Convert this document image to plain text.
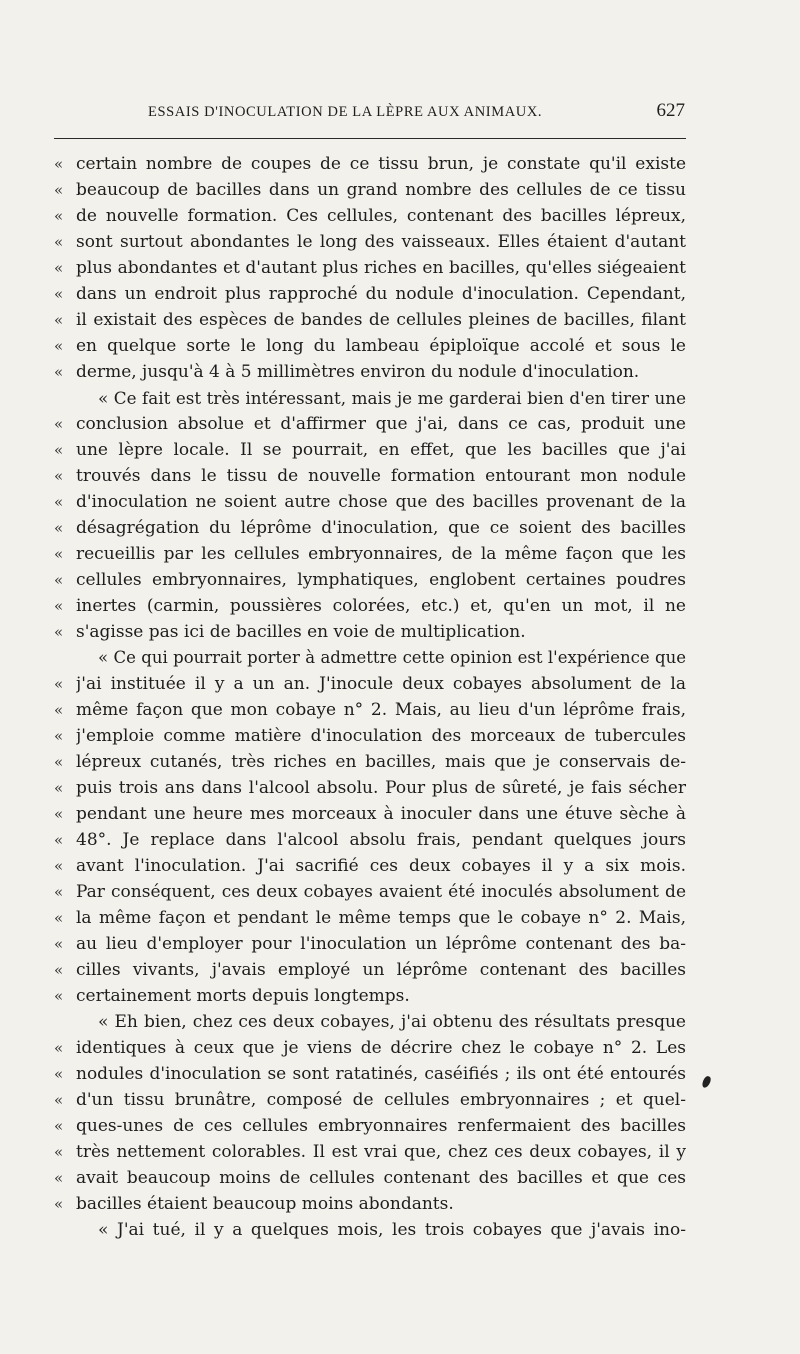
ESSAIS D'INOCULATION DE LA LÈPRE AUX ANIMAUX.	627
« certain nombre de coupes de ce tissu brun, je constate qu'il existe
« beaucoup de bacilles dans un grand nombre des cellules de ce tissu
« de nouvelle formation. Ces cellules, contenant des bacilles lépreux,
« sont surtout abondantes le long des vaisseaux. Elles étaient d'autant
« plus abondantes et d'autant plus riches en bacilles, qu'elles siégeaient
« dans un endroit plus rapproché du nodule d'inoculation. Cependant,
« il existait des espèces de bandes de cellules pleines de bacilles, filant
« en quelque sorte le long du lambeau épiploïque accolé et sous le
« derme, jusqu'à 4 à 5 millimètres environ du nodule d'inoculation.
« Ce fait est très intéressant, mais je me garderai bien d'en tirer une
« conclusion absolue et d'affirmer que j'ai, dans ce cas, produit une
« une lèpre locale. Il se pourrait, en effet, que les bacilles que j'ai
« trouvés dans le tissu de nouvelle formation entourant mon nodule
« d'inoculation ne soient autre chose que des bacilles provenant de la
« désagrégation du léprôme d'inoculation, que ce soient des bacilles
« recueillis par les cellules embryonnaires, de la même façon que les
« cellules embryonnaires, lymphatiques, englobent certaines poudres
« inertes (carmin, poussières colorées, etc.) et, qu'en un mot, il ne
« s'agisse pas ici de bacilles en voie de multiplication.
« Ce qui pourrait porter à admettre cette opinion est l'expérience que
« j'ai instituée il y a un an. J'inocule deux cobayes absolument de la
« même façon que mon cobaye n° 2. Mais, au lieu d'un léprôme frais,
« j'emploie comme matière d'inoculation des morceaux de tubercules
« lépreux cutanés, très riches en bacilles, mais que je conservais de-
« puis trois ans dans l'alcool absolu. Pour plus de sûreté, je fais sécher
« pendant une heure mes morceaux à inoculer dans une étuve sèche à
« 48°. Je replace dans l'alcool absolu frais, pendant quelques jours
« avant l'inoculation. J'ai sacrifié ces deux cobayes il y a six mois.
« Par conséquent, ces deux cobayes avaient été inoculés absolument de
« la même façon et pendant le même temps que le cobaye n° 2. Mais,
« au lieu d'employer pour l'inoculation un léprôme contenant des ba-
« cilles vivants, j'avais employé un léprôme contenant des bacilles
« certainement morts depuis longtemps.
« Eh bien, chez ces deux cobayes, j'ai obtenu des résultats presque
« identiques à ceux que je viens de décrire chez le cobaye n° 2. Les
« nodules d'inoculation se sont ratatinés, caséifiés ; ils ont été entourés
« d'un tissu brunâtre, composé de cellules embryonnaires ; et quel-
« ques-unes de ces cellules embryonnaires renfermaient des bacilles
« très nettement colorables. Il est vrai que, chez ces deux cobayes, il y
« avait beaucoup moins de cellules contenant des bacilles et que ces
« bacilles étaient beaucoup moins abondants.
« J'ai tué, il y a quelques mois, les trois cobayes que j'avais ino-
